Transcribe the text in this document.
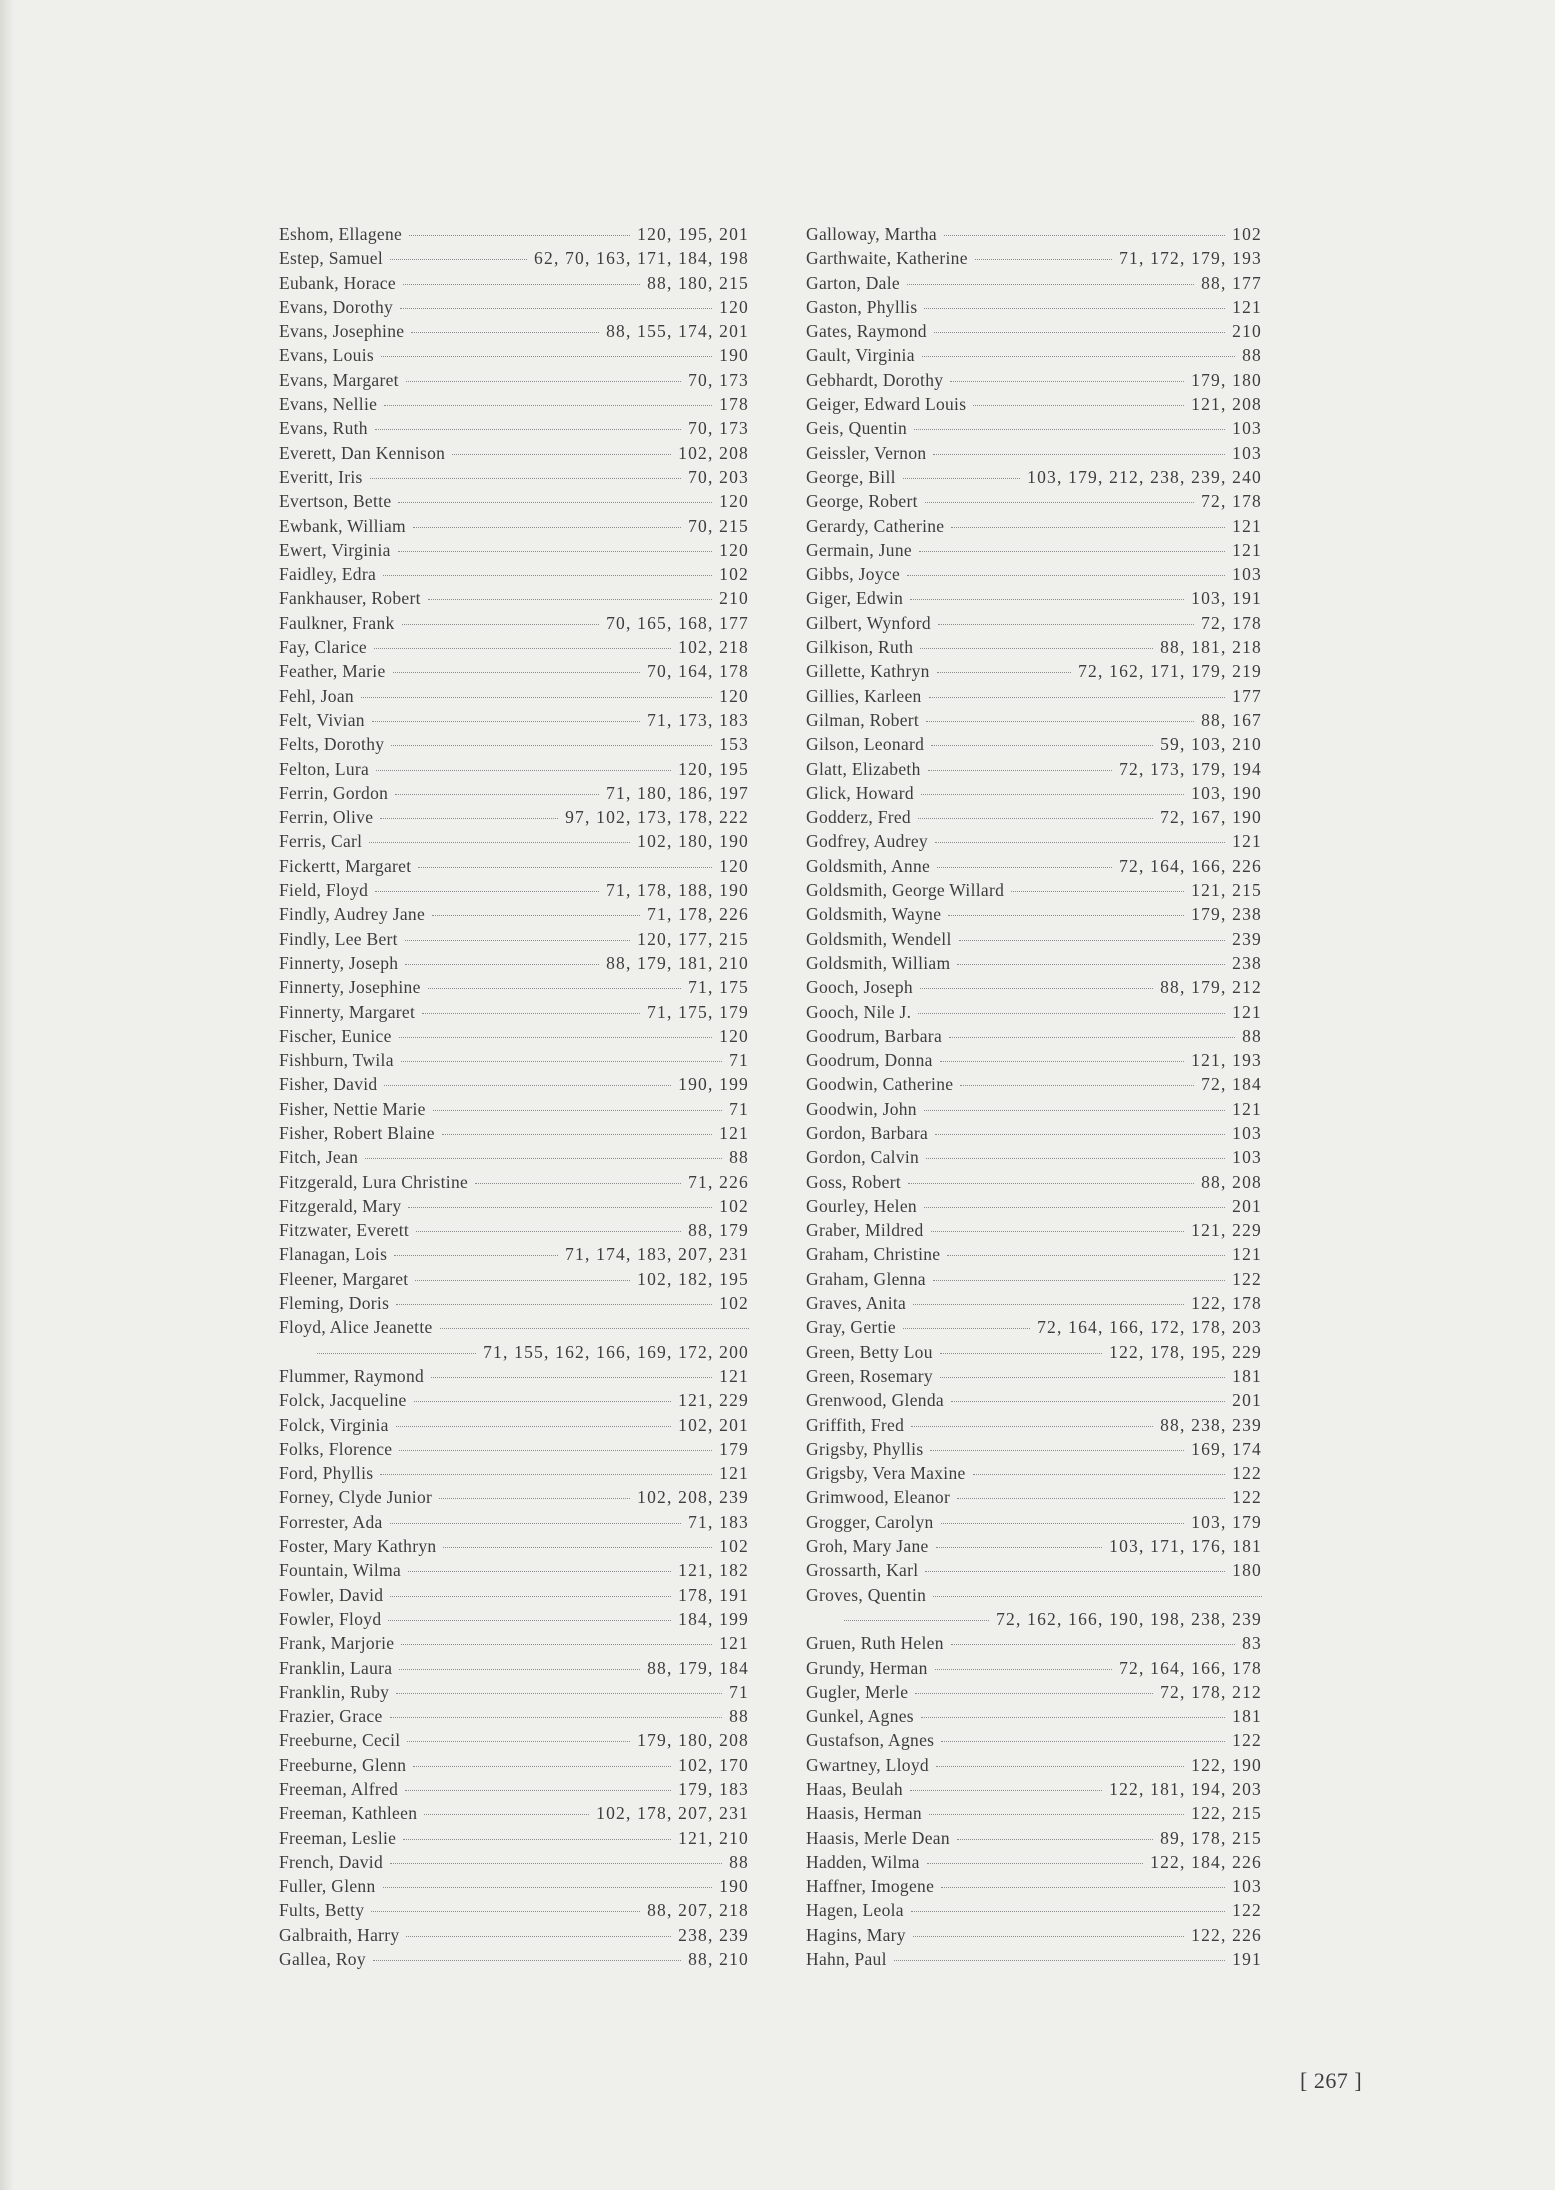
Eshom, Ellagene	120, 195, 201
Estep, Samuel	62, 70, 163, 171, 184, 198
Eubank, Horace	88, 180, 215
Evans, Dorothy	120
Evans, Josephine	88, 155, 174, 201
Evans, Louis	190
Evans, Margaret	70, 173
Evans, Nellie	178
Evans, Ruth	70, 173
Everett, Dan Kennison	102, 208
Everitt, Iris	70, 203
Evertson, Bette	120
Ewbank, William	70, 215
Ewert, Virginia	120
Faidley, Edra	102
Fankhauser, Robert	210
Faulkner, Frank	70, 165, 168, 177
Fay, Clarice	102, 218
Feather, Marie	70, 164, 178
Fehl, Joan	120
Felt, Vivian	71, 173, 183
Felts, Dorothy	153
Felton, Lura	120, 195
Ferrin, Gordon	71, 180, 186, 197
Ferrin, Olive	97, 102, 173, 178, 222
Ferris, Carl	102, 180, 190
Fickertt, Margaret	120
Field, Floyd	71, 178, 188, 190
Findly, Audrey Jane	71, 178, 226
Findly, Lee Bert	120, 177, 215
Finnerty, Joseph	88, 179, 181, 210
Finnerty, Josephine	71, 175
Finnerty, Margaret	71, 175, 179
Fischer, Eunice	120
Fishburn, Twila	71
Fisher, David	190, 199
Fisher, Nettie Marie	71
Fisher, Robert Blaine	121
Fitch, Jean	88
Fitzgerald, Lura Christine	71, 226
Fitzgerald, Mary	102
Fitzwater, Everett	88, 179
Flanagan, Lois	71, 174, 183, 207, 231
Fleener, Margaret	102, 182, 195
Fleming, Doris	102
Floyd, Alice Jeanette
71, 155, 162, 166, 169, 172, 200
Flummer, Raymond	121
Folck, Jacqueline	121, 229
Folck, Virginia	102, 201
Folks, Florence	179
Ford, Phyllis	121
Forney, Clyde Junior	102, 208, 239
Forrester, Ada	71, 183
Foster, Mary Kathryn	102
Fountain, Wilma	121, 182
Fowler, David	178, 191
Fowler, Floyd	184, 199
Frank, Marjorie	121
Franklin, Laura	88, 179, 184
Franklin, Ruby	71
Frazier, Grace	88
Freeburne, Cecil	179, 180, 208
Freeburne, Glenn	102, 170
Freeman, Alfred	179, 183
Freeman, Kathleen	102, 178, 207, 231
Freeman, Leslie	121, 210
French, David	88
Fuller, Glenn	190
Fults, Betty	88, 207, 218
Galbraith, Harry	238, 239
Gallea, Roy	88, 210
Galloway, Martha	102
Garthwaite, Katherine	71, 172, 179, 193
Garton, Dale	88, 177
Gaston, Phyllis	121
Gates, Raymond	210
Gault, Virginia	88
Gebhardt, Dorothy	179, 180
Geiger, Edward Louis	121, 208
Geis, Quentin	103
Geissler, Vernon	103
George, Bill	103, 179, 212, 238, 239, 240
George, Robert	72, 178
Gerardy, Catherine	121
Germain, June	121
Gibbs, Joyce	103
Giger, Edwin	103, 191
Gilbert, Wynford	72, 178
Gilkison, Ruth	88, 181, 218
Gillette, Kathryn	72, 162, 171, 179, 219
Gillies, Karleen	177
Gilman, Robert	88, 167
Gilson, Leonard	59, 103, 210
Glatt, Elizabeth	72, 173, 179, 194
Glick, Howard	103, 190
Godderz, Fred	72, 167, 190
Godfrey, Audrey	121
Goldsmith, Anne	72, 164, 166, 226
Goldsmith, George Willard	121, 215
Goldsmith, Wayne	179, 238
Goldsmith, Wendell	239
Goldsmith, William	238
Gooch, Joseph	88, 179, 212
Gooch, Nile J.	121
Goodrum, Barbara	88
Goodrum, Donna	121, 193
Goodwin, Catherine	72, 184
Goodwin, John	121
Gordon, Barbara	103
Gordon, Calvin	103
Goss, Robert	88, 208
Gourley, Helen	201
Graber, Mildred	121, 229
Graham, Christine	121
Graham, Glenna	122
Graves, Anita	122, 178
Gray, Gertie	72, 164, 166, 172, 178, 203
Green, Betty Lou	122, 178, 195, 229
Green, Rosemary	181
Grenwood, Glenda	201
Griffith, Fred	88, 238, 239
Grigsby, Phyllis	169, 174
Grigsby, Vera Maxine	122
Grimwood, Eleanor	122
Grogger, Carolyn	103, 179
Groh, Mary Jane	103, 171, 176, 181
Grossarth, Karl	180
Groves, Quentin
72, 162, 166, 190, 198, 238, 239
Gruen, Ruth Helen	83
Grundy, Herman	72, 164, 166, 178
Gugler, Merle	72, 178, 212
Gunkel, Agnes	181
Gustafson, Agnes	122
Gwartney, Lloyd	122, 190
Haas, Beulah	122, 181, 194, 203
Haasis, Herman	122, 215
Haasis, Merle Dean	89, 178, 215
Hadden, Wilma	122, 184, 226
Haffner, Imogene	103
Hagen, Leola	122
Hagins, Mary	122, 226
Hahn, Paul	191
[ 267 ]
